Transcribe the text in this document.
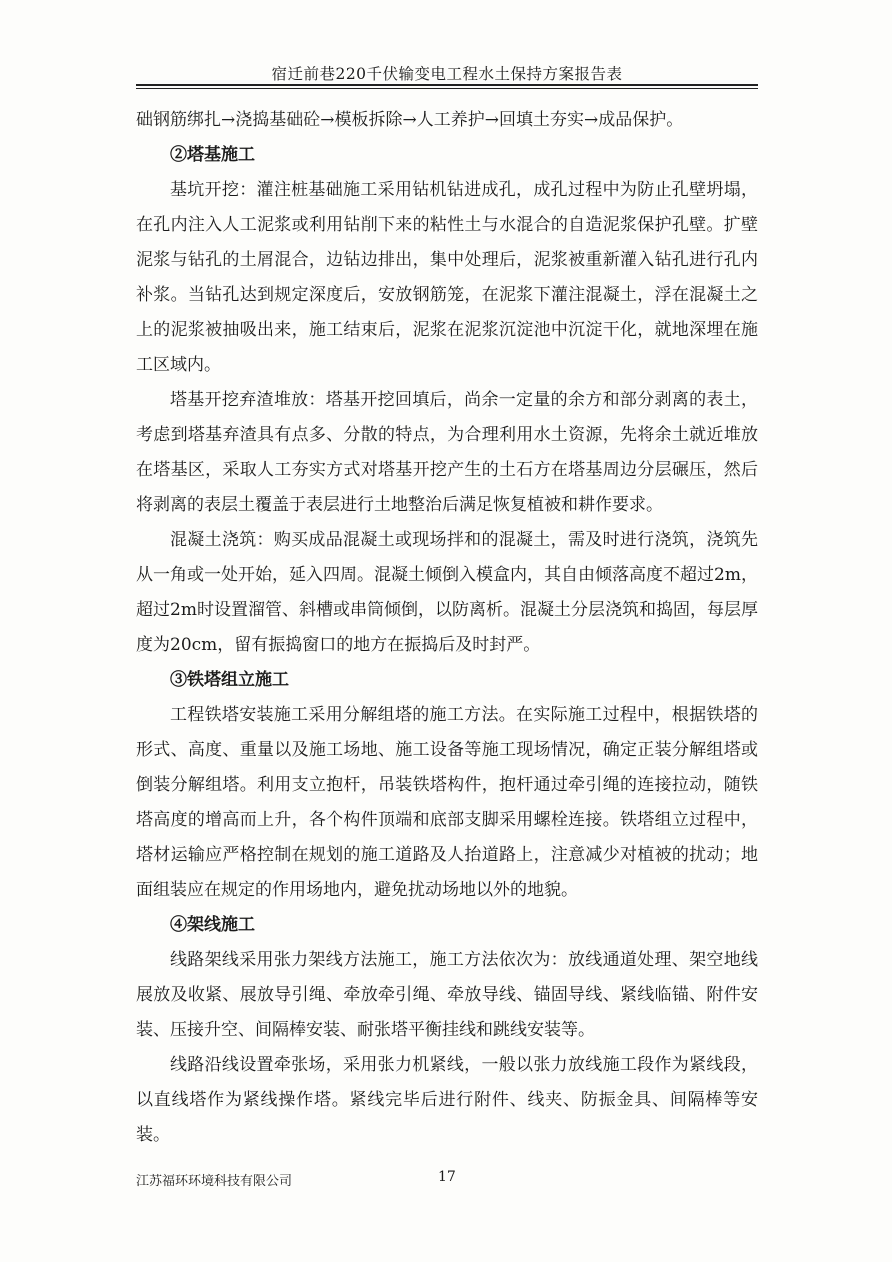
宿迁前巷220千伏输变电工程水土保持方案报告表

础钢筋绑扎→浇捣基础砼→模板拆除→人工养护→回填土夯实→成品保护。

②塔基施工

基坑开挖：灌注桩基础施工采用钻机钻进成孔，成孔过程中为防止孔壁坍塌，在孔内注入人工泥浆或利用钻削下来的粘性土与水混合的自造泥浆保护孔壁。扩壁泥浆与钻孔的土屑混合，边钻边排出，集中处理后，泥浆被重新灌入钻孔进行孔内补浆。当钻孔达到规定深度后，安放钢筋笼，在泥浆下灌注混凝土，浮在混凝土之上的泥浆被抽吸出来，施工结束后，泥浆在泥浆沉淀池中沉淀干化，就地深埋在施工区域内。

塔基开挖弃渣堆放：塔基开挖回填后，尚余一定量的余方和部分剥离的表土，考虑到塔基弃渣具有点多、分散的特点，为合理利用水土资源，先将余土就近堆放在塔基区，采取人工夯实方式对塔基开挖产生的土石方在塔基周边分层碾压，然后将剥离的表层土覆盖于表层进行土地整治后满足恢复植被和耕作要求。

混凝土浇筑：购买成品混凝土或现场拌和的混凝土，需及时进行浇筑，浇筑先从一角或一处开始，延入四周。混凝土倾倒入模盒内，其自由倾落高度不超过2m，超过2m时设置溜管、斜槽或串筒倾倒，以防离析。混凝土分层浇筑和捣固，每层厚度为20cm，留有振捣窗口的地方在振捣后及时封严。

③铁塔组立施工

工程铁塔安装施工采用分解组塔的施工方法。在实际施工过程中，根据铁塔的形式、高度、重量以及施工场地、施工设备等施工现场情况，确定正装分解组塔或倒装分解组塔。利用支立抱杆，吊装铁塔构件，抱杆通过牵引绳的连接拉动，随铁塔高度的增高而上升，各个构件顶端和底部支脚采用螺栓连接。铁塔组立过程中，塔材运输应严格控制在规划的施工道路及人抬道路上，注意减少对植被的扰动；地面组装应在规定的作用场地内，避免扰动场地以外的地貌。

④架线施工

线路架线采用张力架线方法施工，施工方法依次为：放线通道处理、架空地线展放及收紧、展放导引绳、牵放牵引绳、牵放导线、锚固导线、紧线临锚、附件安装、压接升空、间隔棒安装、耐张塔平衡挂线和跳线安装等。

线路沿线设置牵张场，采用张力机紧线，一般以张力放线施工段作为紧线段，以直线塔作为紧线操作塔。紧线完毕后进行附件、线夹、防振金具、间隔棒等安装。

江苏福环环境科技有限公司	17
